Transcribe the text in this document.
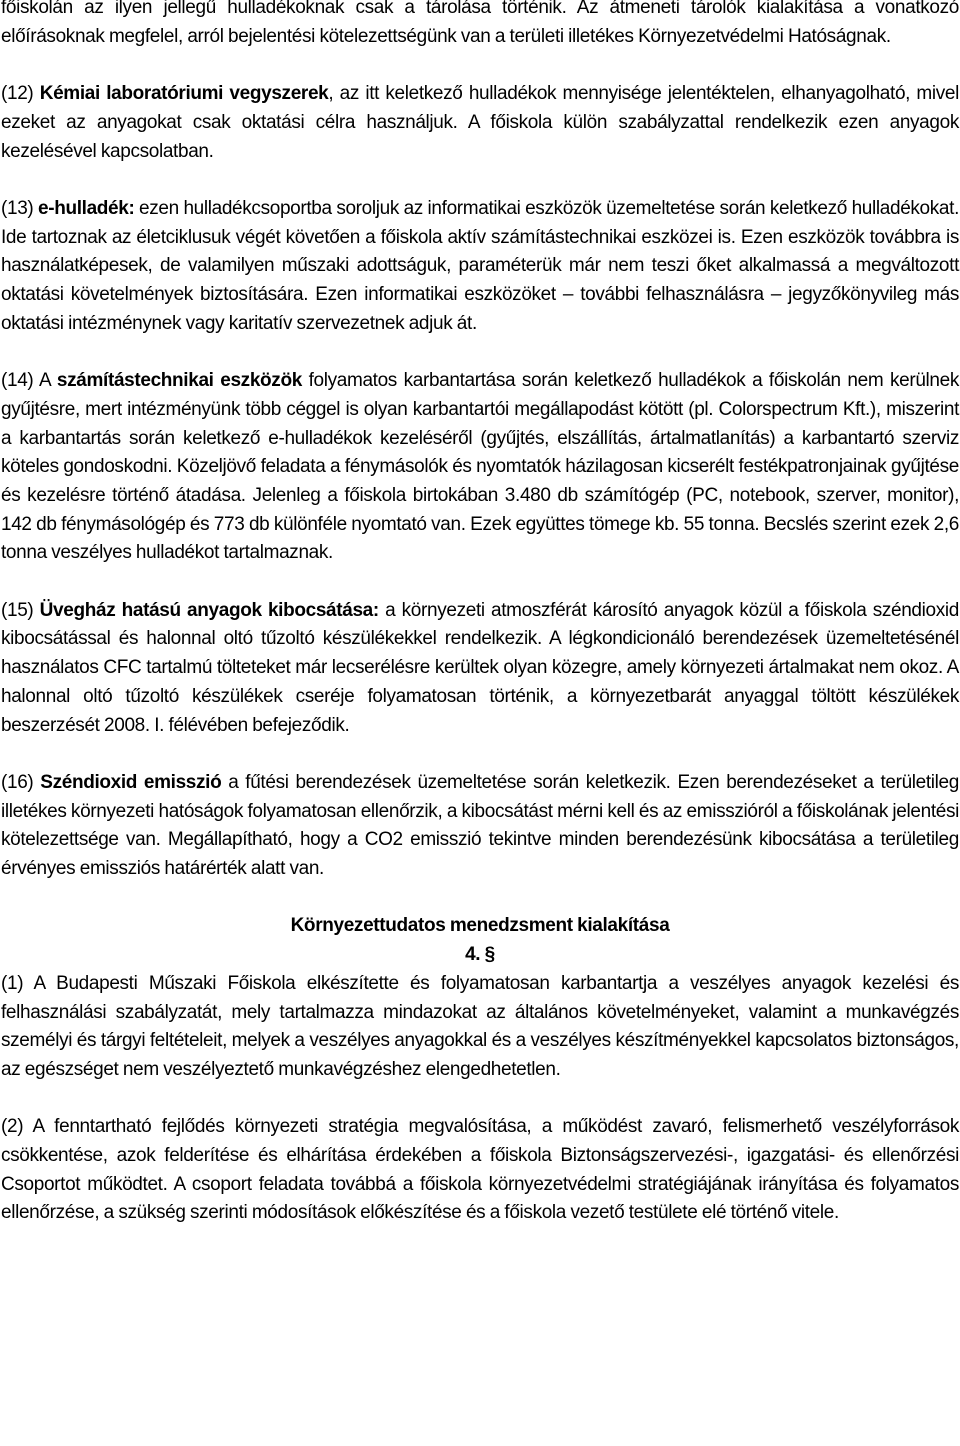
főiskolán az ilyen jellegű hulladékoknak csak a tárolása történik. Az átmeneti tárolók kialakítása a vonatkozó előírásoknak megfelel, arról bejelentési kötelezettségünk van a területi illetékes Környezetvédelmi Hatóságnak.

(12) Kémiai laboratóriumi vegyszerek, az itt keletkező hulladékok mennyisége jelentéktelen, elhanyagolható, mivel ezeket az anyagokat csak oktatási célra használjuk. A főiskola külön szabályzattal rendelkezik ezen anyagok kezelésével kapcsolatban.

(13) e-hulladék: ezen hulladékcsoportba soroljuk az informatikai eszközök üzemeltetése során keletkező hulladékokat. Ide tartoznak az életciklusuk végét követően a főiskola aktív számítástechnikai eszközei is. Ezen eszközök továbbra is használatképesek, de valamilyen műszaki adottságuk, paraméterük már nem teszi őket alkalmassá a megváltozott oktatási követelmények biztosítására. Ezen informatikai eszközöket – további felhasználásra – jegyzőkönyvileg más oktatási intézménynek vagy karitatív szervezetnek adjuk át.

(14) A számítástechnikai eszközök folyamatos karbantartása során keletkező hulladékok a főiskolán nem kerülnek gyűjtésre, mert intézményünk több céggel is olyan karbantartói megállapodást kötött (pl. Colorspectrum Kft.), miszerint a karbantartás során keletkező e-hulladékok kezeléséről (gyűjtés, elszállítás, ártalmatlanítás) a karbantartó szerviz köteles gondoskodni. Közeljövő feladata a fénymásolók és nyomtatók házilagosan kicserélt festékpatronjainak gyűjtése és kezelésre történő átadása. Jelenleg a főiskola birtokában 3.480 db számítógép (PC, notebook, szerver, monitor), 142 db fénymásológép és 773 db különféle nyomtató van. Ezek együttes tömege kb. 55 tonna. Becslés szerint ezek 2,6 tonna veszélyes hulladékot tartalmaznak.

(15) Üvegház hatású anyagok kibocsátása: a környezeti atmoszférát károsító anyagok közül a főiskola széndioxid kibocsátással és halonnal oltó tűzoltó készülékekkel rendelkezik. A légkondicionáló berendezések üzemeltetésénél használatos CFC tartalmú tölteteket már lecserélésre kerültek olyan közegre, amely környezeti ártalmakat nem okoz. A halonnal oltó tűzoltó készülékek cseréje folyamatosan történik, a környezetbarát anyaggal töltött készülékek beszerzését 2008. I. félévében befejeződik.

(16) Széndioxid emisszió a fűtési berendezések üzemeltetése során keletkezik. Ezen berendezéseket a területileg illetékes környezeti hatóságok folyamatosan ellenőrzik, a kibocsátást mérni kell és az emisszióról a főiskolának jelentési kötelezettsége van. Megállapítható, hogy a CO2 emisszió tekintve minden berendezésünk kibocsátása a területileg érvényes emissziós határérték alatt van.

Környezettudatos menedzsment kialakítása

4. §

(1) A Budapesti Műszaki Főiskola elkészítette és folyamatosan karbantartja a veszélyes anyagok kezelési és felhasználási szabályzatát, mely tartalmazza mindazokat az általános követelményeket, valamint a munkavégzés személyi és tárgyi feltételeit, melyek a veszélyes anyagokkal és a veszélyes készítményekkel kapcsolatos biztonságos, az egészséget nem veszélyeztető munkavégzéshez elengedhetetlen.

(2) A fenntartható fejlődés környezeti stratégia megvalósítása, a működést zavaró, felismerhető veszélyforrások csökkentése, azok felderítése és elhárítása érdekében a főiskola Biztonságszervezési-, igazgatási- és ellenőrzési Csoportot működtet. A csoport feladata továbbá a főiskola környezetvédelmi stratégiájának irányítása és folyamatos ellenőrzése, a szükség szerinti módosítások előkészítése és a főiskola vezető testülete elé történő vitele.
